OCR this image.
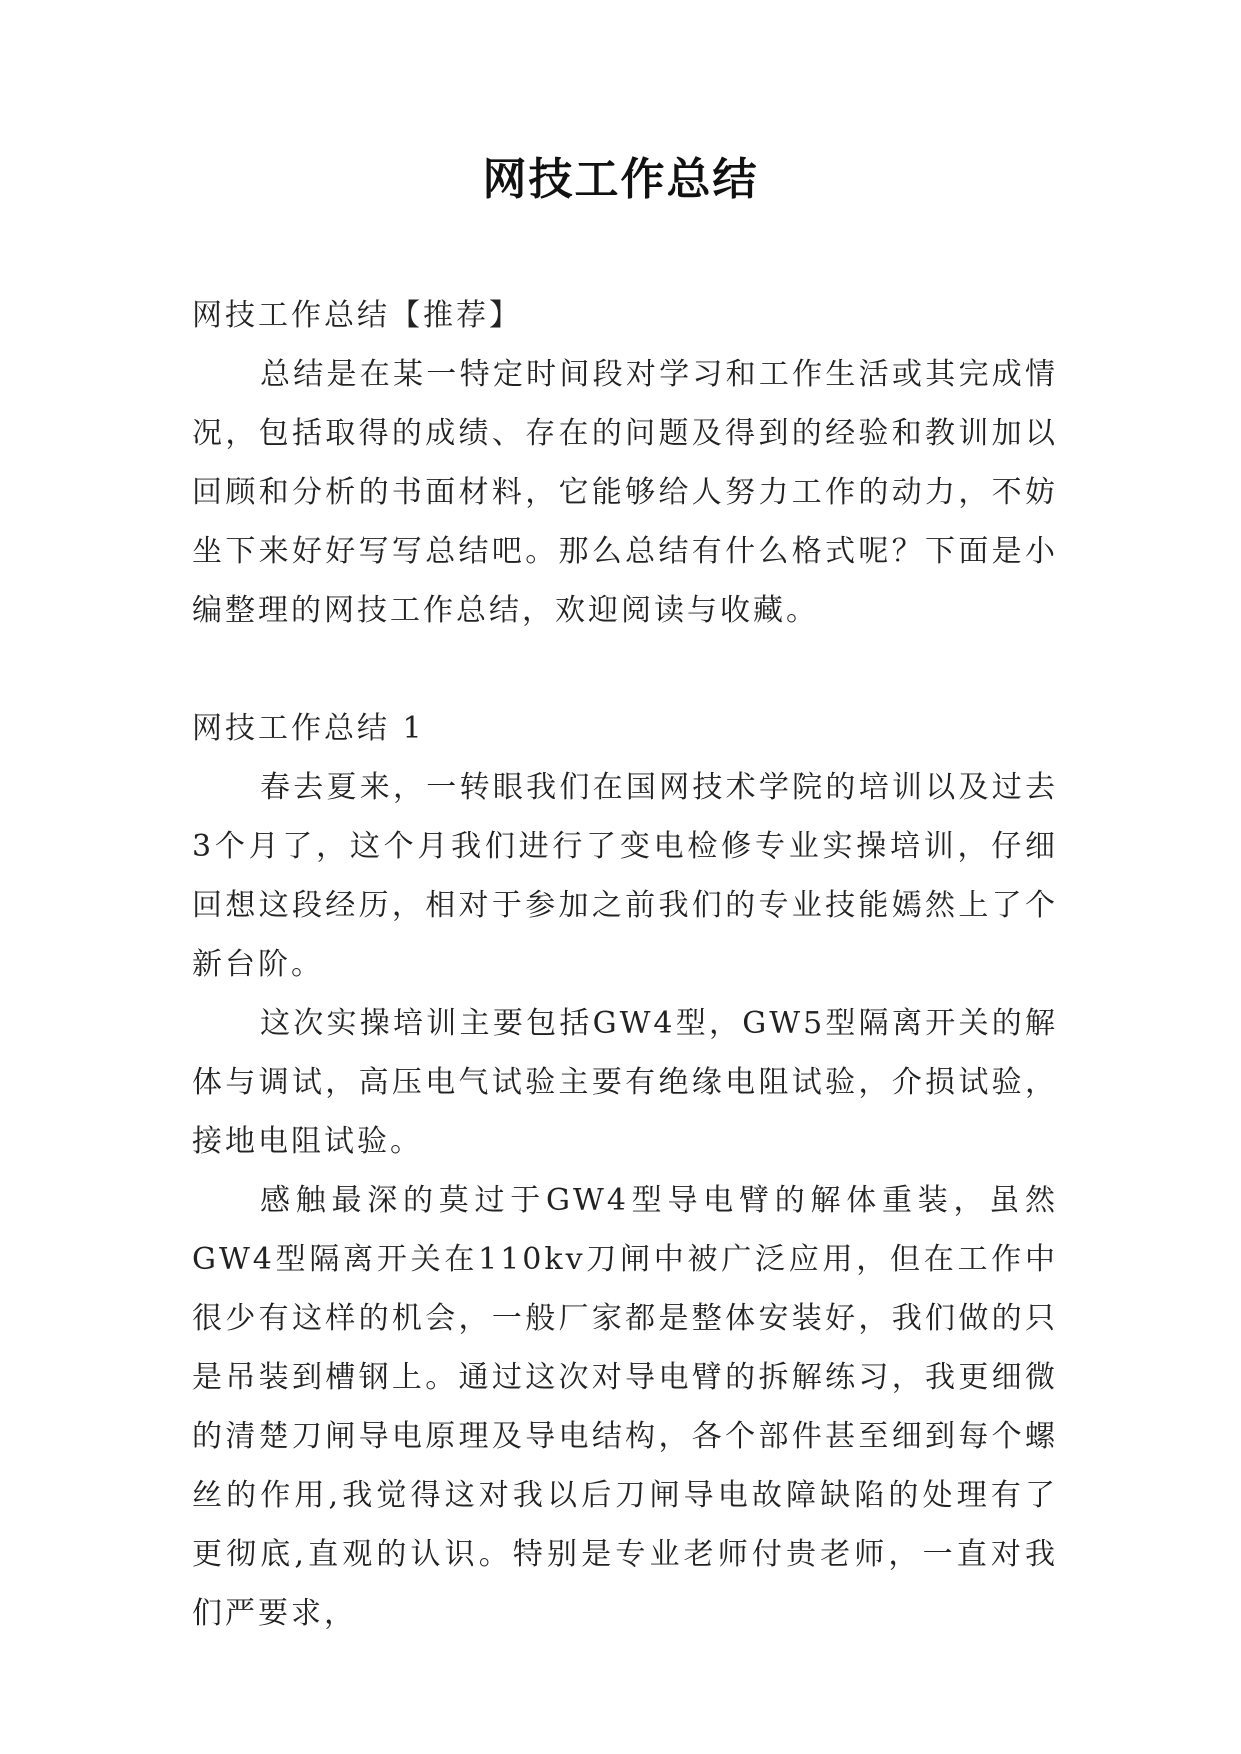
网技工作总结

网技工作总结【推荐】

总结是在某一特定时间段对学习和工作生活或其完成情况，包括取得的成绩、存在的问题及得到的经验和教训加以回顾和分析的书面材料，它能够给人努力工作的动力，不妨坐下来好好写写总结吧。那么总结有什么格式呢？下面是小编整理的网技工作总结，欢迎阅读与收藏。

网技工作总结 1

春去夏来，一转眼我们在国网技术学院的培训以及过去3个月了，这个月我们进行了变电检修专业实操培训，仔细回想这段经历，相对于参加之前我们的专业技能嫣然上了个新台阶。

这次实操培训主要包括GW4型，GW5型隔离开关的解体与调试，高压电气试验主要有绝缘电阻试验，介损试验，接地电阻试验。

感触最深的莫过于GW4型导电臂的解体重装，虽然GW4型隔离开关在110kv刀闸中被广泛应用，但在工作中很少有这样的机会，一般厂家都是整体安装好，我们做的只是吊装到槽钢上。通过这次对导电臂的拆解练习，我更细微的清楚刀闸导电原理及导电结构，各个部件甚至细到每个螺丝的作用,我觉得这对我以后刀闸导电故障缺陷的处理有了更彻底,直观的认识。特别是专业老师付贵老师，一直对我们严要求，
